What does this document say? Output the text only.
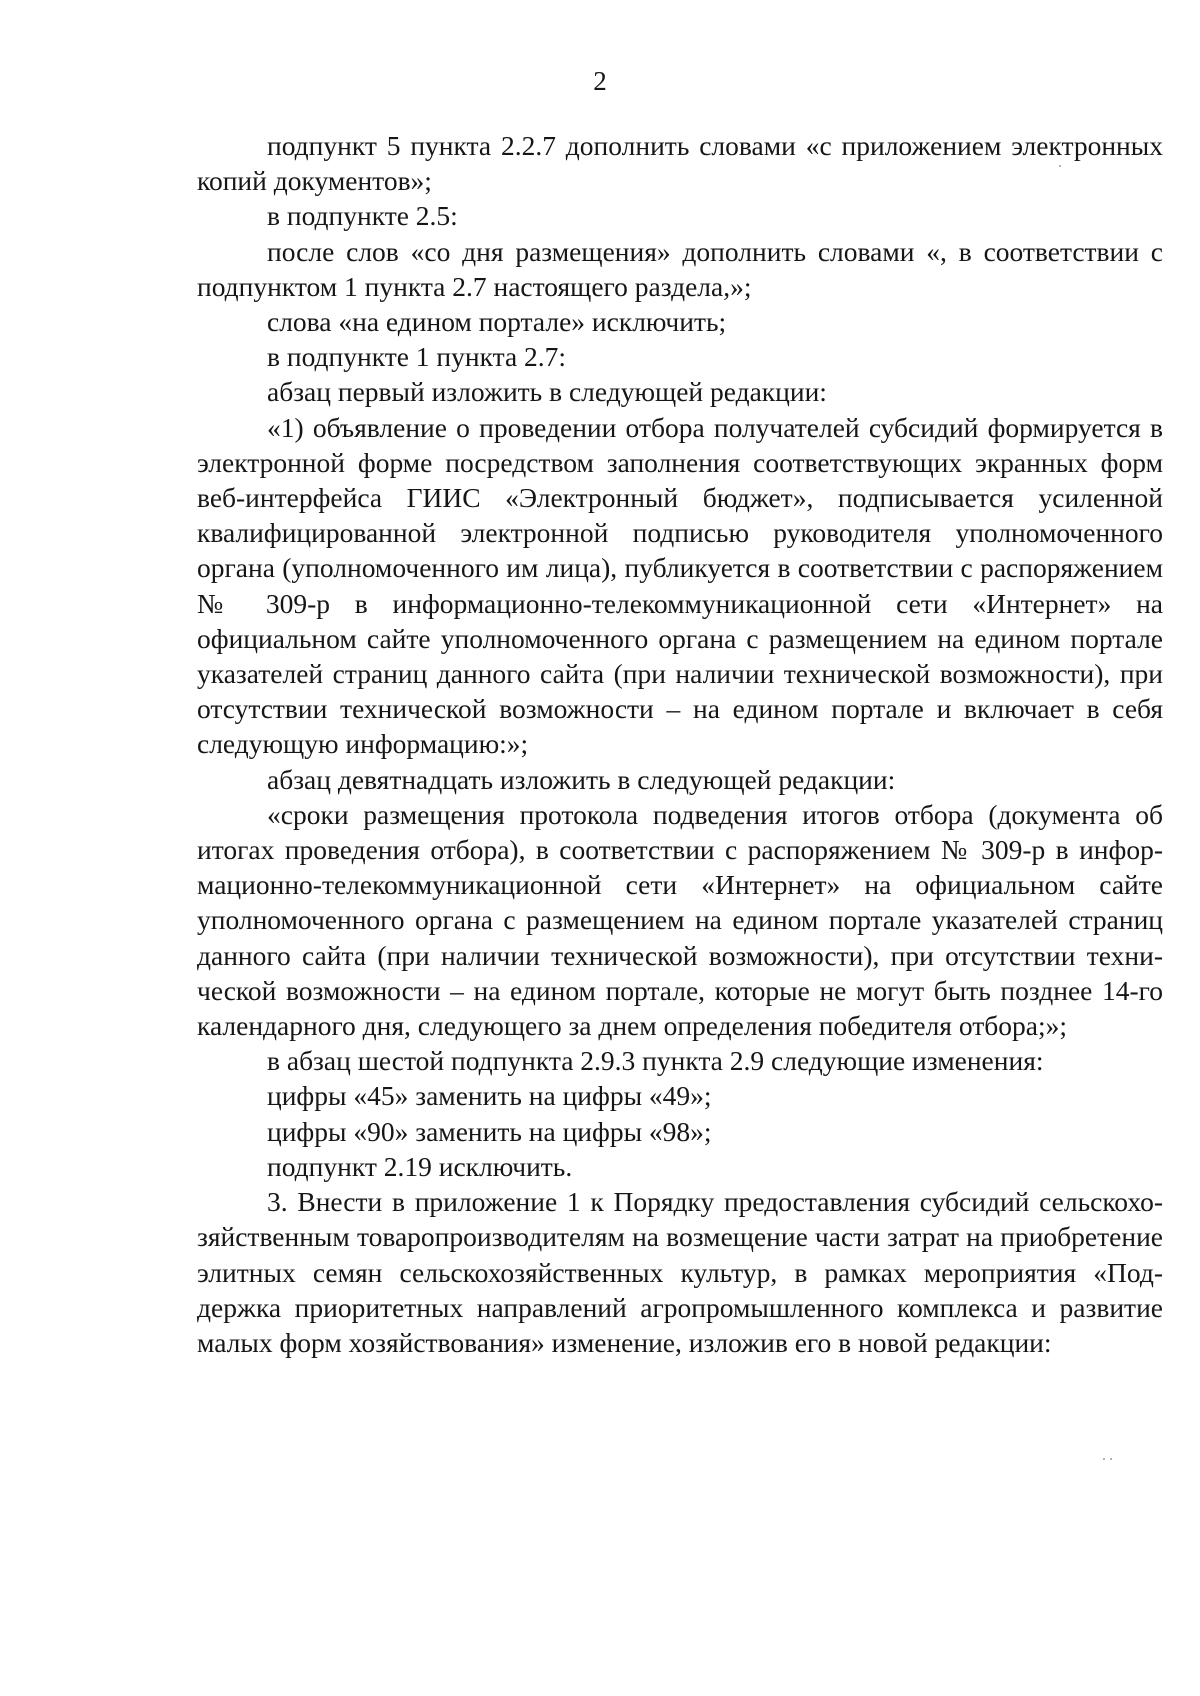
2

подпункт 5 пункта 2.2.7 дополнить словами «с приложением электронных копий документов»;

в подпункте 2.5:

после слов «со дня размещения» дополнить словами «, в соответствии с подпунктом 1 пункта 2.7 настоящего раздела,»;

слова «на едином портале» исключить;

в подпункте 1 пункта 2.7:

абзац первый изложить в следующей редакции:

«1) объявление о проведении отбора получателей субсидий формируется в электронной форме посредством заполнения соответствующих экранных форм веб-интерфейса ГИИС «Электронный бюджет», подписывается усиленной квалифицированной электронной подписью руководителя уполномоченного органа (уполномоченного им лица), публикуется в соответствии с распоряжением № 309-р в информационно-телекоммуникационной сети «Интернет» на официальном сайте уполномоченного органа с размещением на едином портале указателей страниц данного сайта (при наличии технической возможности), при отсутствии технической возможности – на едином портале и включает в себя следующую информацию:»;

абзац девятнадцать изложить в следующей редакции:

«сроки размещения протокола подведения итогов отбора (документа об итогах проведения отбора), в соответствии с распоряжением № 309-р в информационно-телекоммуникационной сети «Интернет» на официальном сайте уполномоченного органа с размещением на едином портале указателей страниц данного сайта (при наличии технической возможности), при отсутствии технической возможности – на едином портале, которые не могут быть позднее 14-го календарного дня, следующего за днем определения победителя отбора;»;

в абзац шестой подпункта 2.9.3 пункта 2.9 следующие изменения:

цифры «45» заменить на цифры «49»;

цифры «90» заменить на цифры «98»;

подпункт 2.19 исключить.

3. Внести в приложение 1 к Порядку предоставления субсидий сельскохозяйственным товаропроизводителям на возмещение части затрат на приобретение элитных семян сельскохозяйственных культур, в рамках мероприятия «Поддержка приоритетных направлений агропромышленного комплекса и развитие малых форм хозяйствования» изменение, изложив его в новой редакции:
